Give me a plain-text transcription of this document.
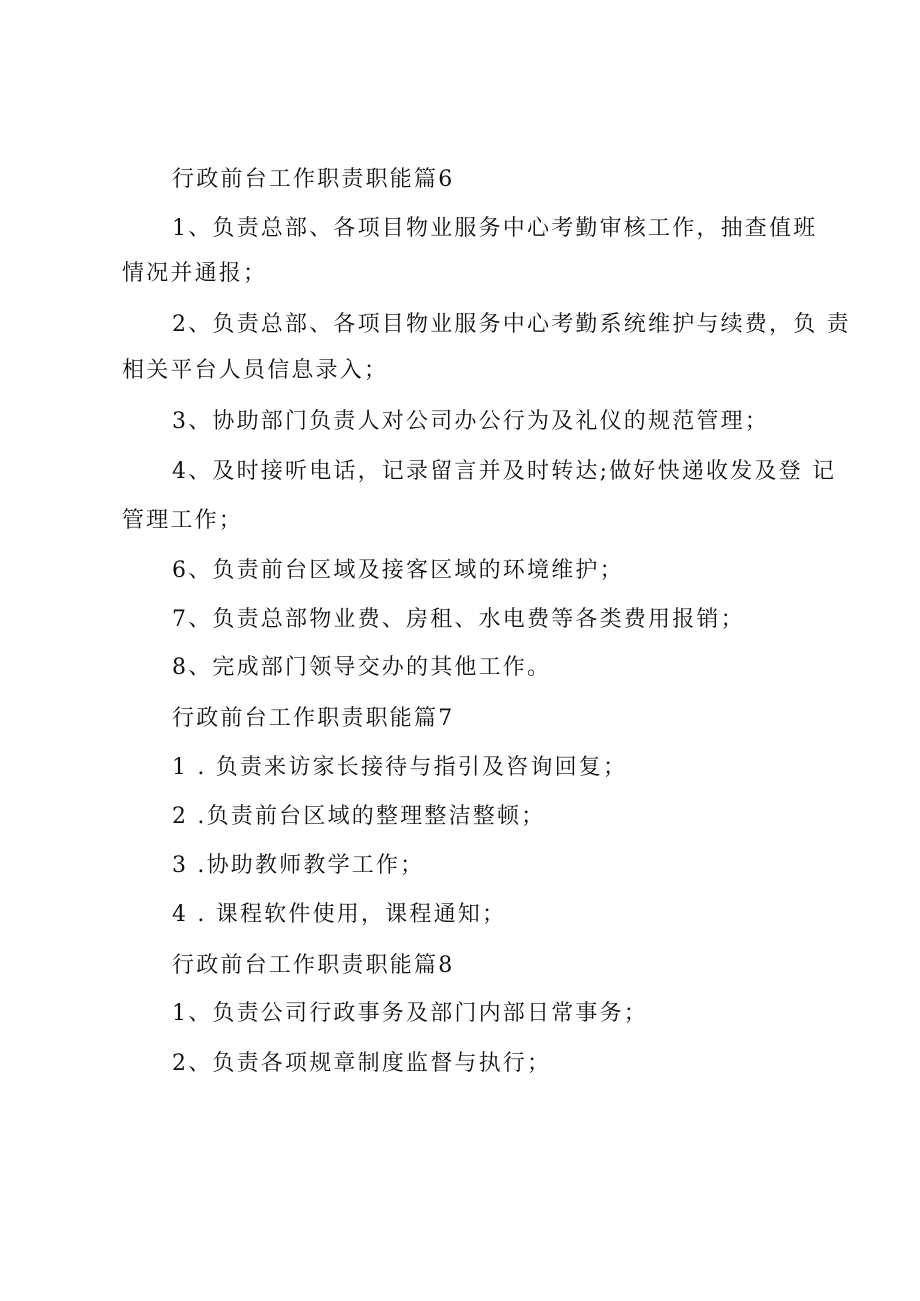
行政前台工作职责职能篇6
1、负责总部、各项目物业服务中心考勤审核工作，抽查值班
情况并通报；
2、负责总部、各项目物业服务中心考勤系统维护与续费，负 责
相关平台人员信息录入；
3、协助部门负责人对公司办公行为及礼仪的规范管理；
4、及时接听电话，记录留言并及时转达;做好快递收发及登 记
管理工作；
6、负责前台区域及接客区域的环境维护；
7、负责总部物业费、房租、水电费等各类费用报销；
8、完成部门领导交办的其他工作。
行政前台工作职责职能篇7
1 . 负责来访家长接待与指引及咨询回复；
2 .负责前台区域的整理整洁整顿；
3 .协助教师教学工作；
4 . 课程软件使用，课程通知；
行政前台工作职责职能篇8
1、负责公司行政事务及部门内部日常事务；
2、负责各项规章制度监督与执行；
